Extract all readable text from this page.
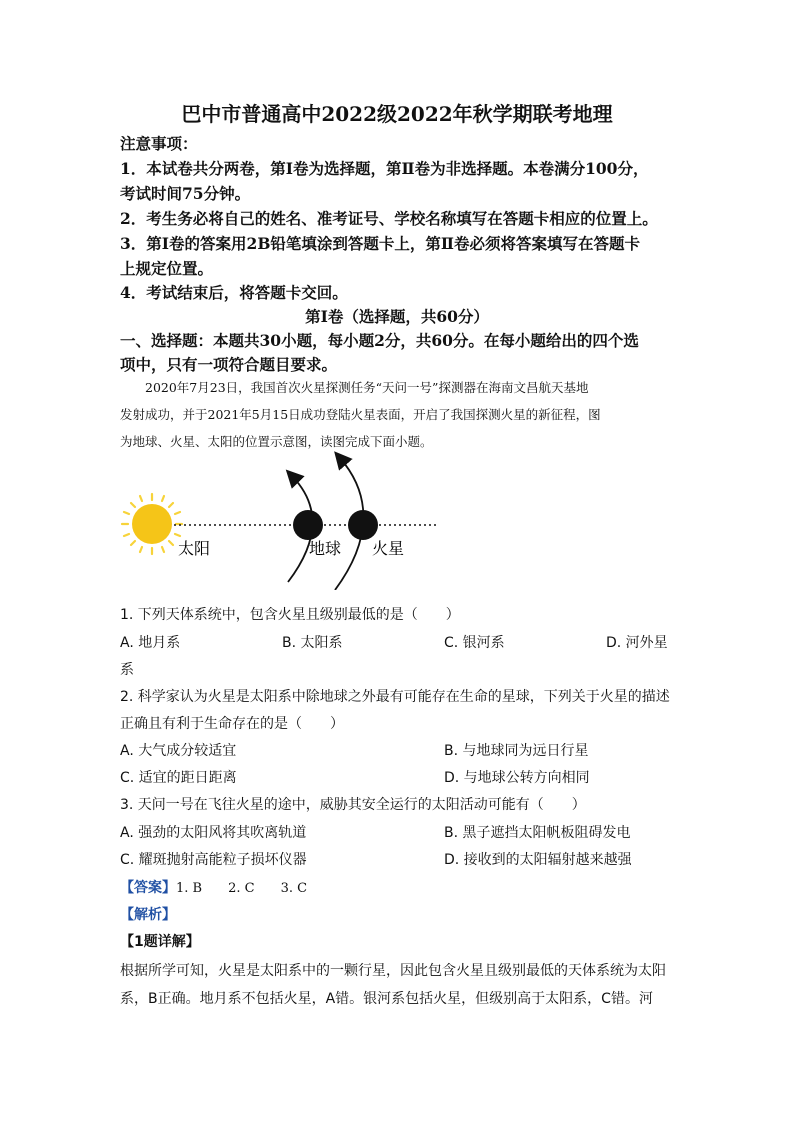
巴中市普通高中2022级2022年秋学期联考地理
注意事项：
1．本试卷共分两卷，第Ⅰ卷为选择题，第Ⅱ卷为非选择题。本卷满分100分，
考试时间75分钟。
2．考生务必将自己的姓名、准考证号、学校名称填写在答题卡相应的位置上。
3．第Ⅰ卷的答案用2B铅笔填涂到答题卡上，第Ⅱ卷必须将答案填写在答题卡
上规定位置。
4．考试结束后，将答题卡交回。
第Ⅰ卷（选择题，共60分）
一、选择题：本题共30小题，每小题2分，共60分。在每小题给出的四个选
项中，只有一项符合题目要求。
2020年7月23日，我国首次火星探测任务“天问一号”探测器在海南文昌航天基地
发射成功，并于2021年5月15日成功登陆火星表面，开启了我国探测火星的新征程，图
为地球、火星、太阳的位置示意图，读图完成下面小题。
太阳	地球 火星
1. 下列天体系统中，包含火星且级别最低的是（　　）
A. 地月系	B. 太阳系	C. 银河系	D. 河外星
系
2. 科学家认为火星是太阳系中除地球之外最有可能存在生命的星球，下列关于火星的描述
正确且有利于生命存在的是（　　）
A. 大气成分较适宜	B. 与地球同为远日行星
C. 适宜的距日距离	D. 与地球公转方向相同
3. 天问一号在飞往火星的途中，威胁其安全运行的太阳活动可能有（　　）
A. 强劲的太阳风将其吹离轨道	B. 黑子遮挡太阳帆板阻碍发电
C. 耀斑抛射高能粒子损坏仪器	D. 接收到的太阳辐射越来越强
【答案】1. B　　2. C　　3. C
【解析】
【1题详解】
根据所学可知，火星是太阳系中的一颗行星，因此包含火星且级别最低的天体系统为太阳
系，B正确。地月系不包括火星，A错。银河系包括火星，但级别高于太阳系，C错。河
